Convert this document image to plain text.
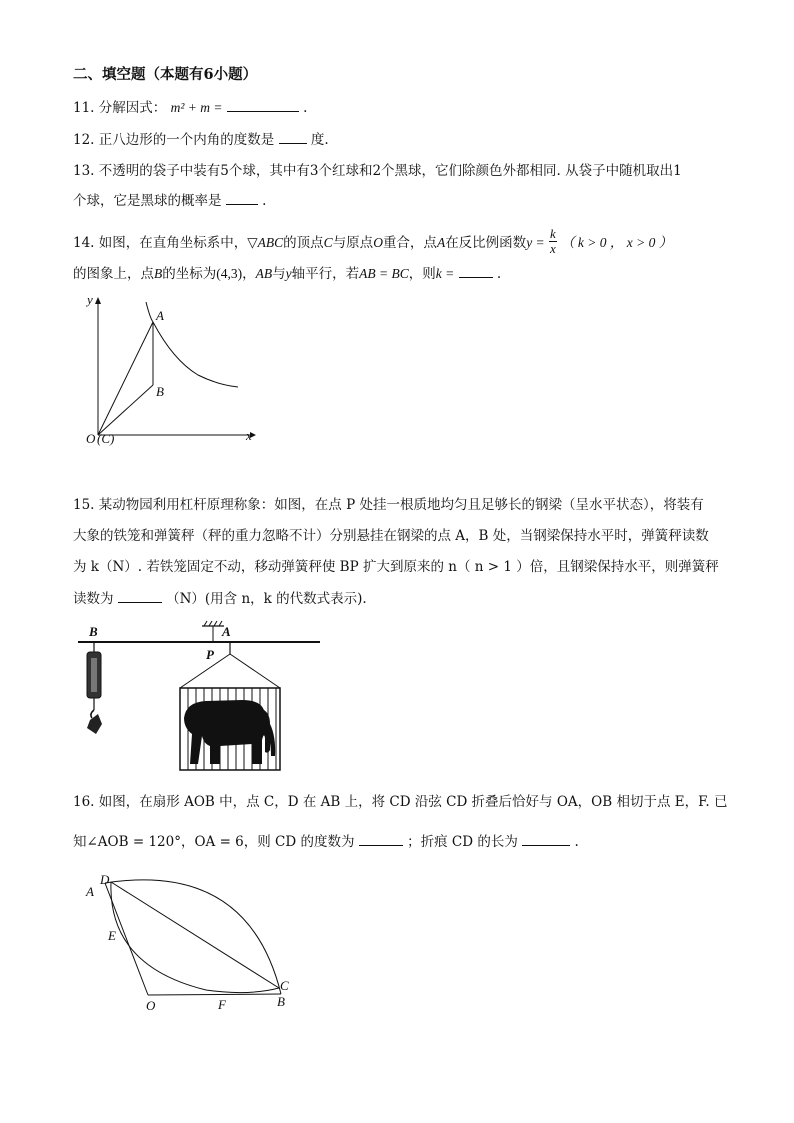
二、填空题（本题有6小题）
11. 分解因式： m² + m =	.
12. 正八边形的一个内角的度数是	度.
13. 不透明的袋子中装有5个球，其中有3个红球和2个黑球，它们除颜色外都相同. 从袋子中随机取出1
个球，它是黑球的概率是	.
14. 如图，在直角坐标系中，▽ABC的顶点C与原点O重合，点A在反比例函数$y = \frac{k}{x}$ （ k > 0 ， x > 0 ）
的图象上，点B的坐标为(4,3)，AB与y轴平行，若AB = BC，则k =	.
y
x
A
B
O (C)
15. 某动物园利用杠杆原理称象：如图，在点 P 处挂一根质地均匀且足够长的钢梁（呈水平状态），将装有
大象的铁笼和弹簧秤（秤的重力忽略不计）分别悬挂在钢梁的点 A，B 处，当钢梁保持水平时，弹簧秤读数
为 k（N）. 若铁笼固定不动，移动弹簧秤使 BP 扩大到原来的 n（ n > 1 ）倍，且钢梁保持水平，则弹簧秤
读数为	（N）(用含 n，k 的代数式表示).
B	A
P
16. 如图，在扇形 AOB 中，点 C，D 在 AB 上，将 CD 沿弦 CD 折叠后恰好与 OA，OB 相切于点 E，F. 已
知∠AOB = 120°，OA = 6，则 CD 的度数为	；折痕 CD 的长为	.
A
D
E
C
B
O	F
